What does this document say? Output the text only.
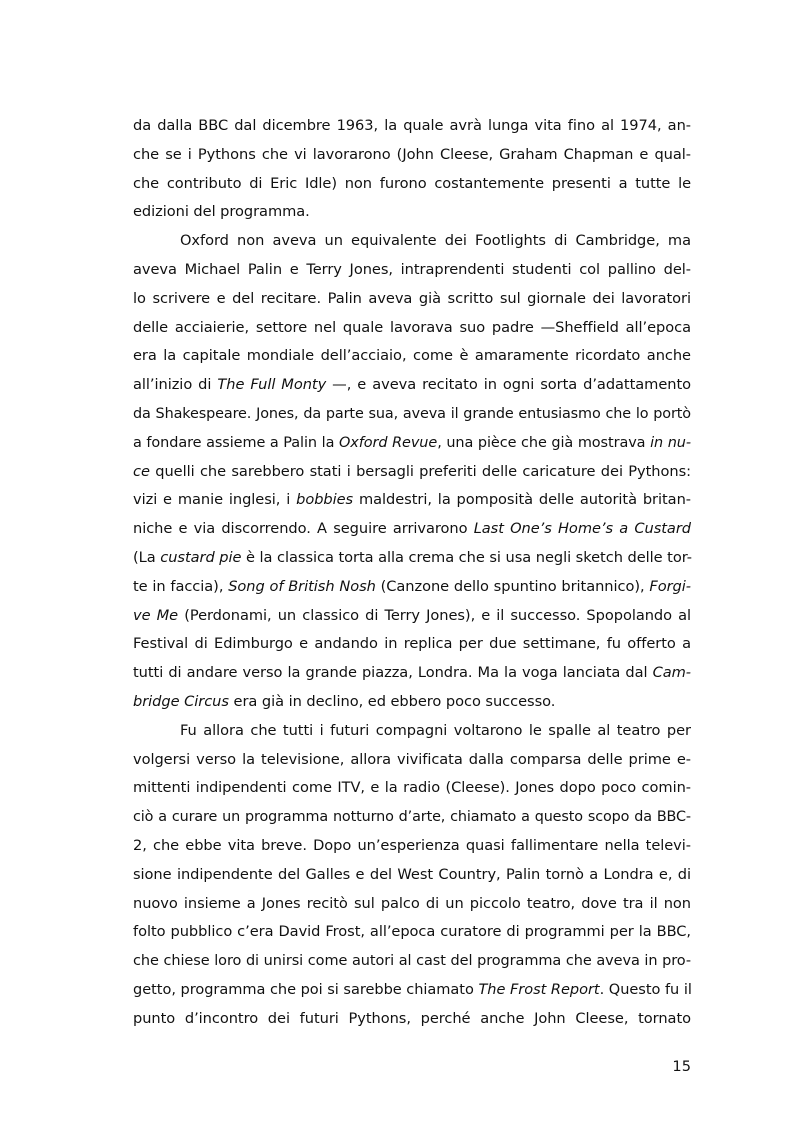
da dalla BBC dal dicembre 1963, la quale avrà lunga vita fino al 1974, an-
che se i Pythons che vi lavorarono (John Cleese, Graham Chapman e qual-
che contributo di Eric Idle) non furono costantemente presenti a tutte le
edizioni del programma.
Oxford non aveva un equivalente dei Footlights di Cambridge, ma
aveva Michael Palin e Terry Jones, intraprendenti studenti col pallino del-
lo scrivere e del recitare. Palin aveva già scritto sul giornale dei lavoratori
delle acciaierie, settore nel quale lavorava suo padre —Sheffield all’epoca
era la capitale mondiale dell’acciaio, come è amaramente ricordato anche
all’inizio di The Full Monty —, e aveva recitato in ogni sorta d’adattamento
da Shakespeare. Jones, da parte sua, aveva il grande entusiasmo che lo portò
a fondare assieme a Palin la Oxford Revue, una pièce che già mostrava in nu-
ce quelli che sarebbero stati i bersagli preferiti delle caricature dei Pythons:
vizi e manie inglesi, i bobbies maldestri, la pomposità delle autorità britan-
niche e via discorrendo. A seguire arrivarono Last One’s Home’s a Custard
(La custard pie è la classica torta alla crema che si usa negli sketch delle tor-
te in faccia), Song of British Nosh (Canzone dello spuntino britannico), Forgi-
ve Me (Perdonami, un classico di Terry Jones), e il successo. Spopolando al
Festival di Edimburgo e andando in replica per due settimane, fu offerto a
tutti di andare verso la grande piazza, Londra. Ma la voga lanciata dal Cam-
bridge Circus era già in declino, ed ebbero poco successo.
Fu allora che tutti i futuri compagni voltarono le spalle al teatro per
volgersi verso la televisione, allora vivificata dalla comparsa delle prime e-
mittenti indipendenti come ITV, e la radio (Cleese). Jones dopo poco comin-
ciò a curare un programma notturno d’arte, chiamato a questo scopo da BBC-
2, che ebbe vita breve. Dopo un’esperienza quasi fallimentare nella televi-
sione indipendente del Galles e del West Country, Palin tornò a Londra e, di
nuovo insieme a Jones recitò sul palco di un piccolo teatro, dove tra il non
folto pubblico c’era David Frost, all’epoca curatore di programmi per la BBC,
che chiese loro di unirsi come autori al cast del programma che aveva in pro-
getto, programma che poi si sarebbe chiamato The Frost Report. Questo fu il
punto d’incontro dei futuri Pythons, perché anche John Cleese, tornato
15
